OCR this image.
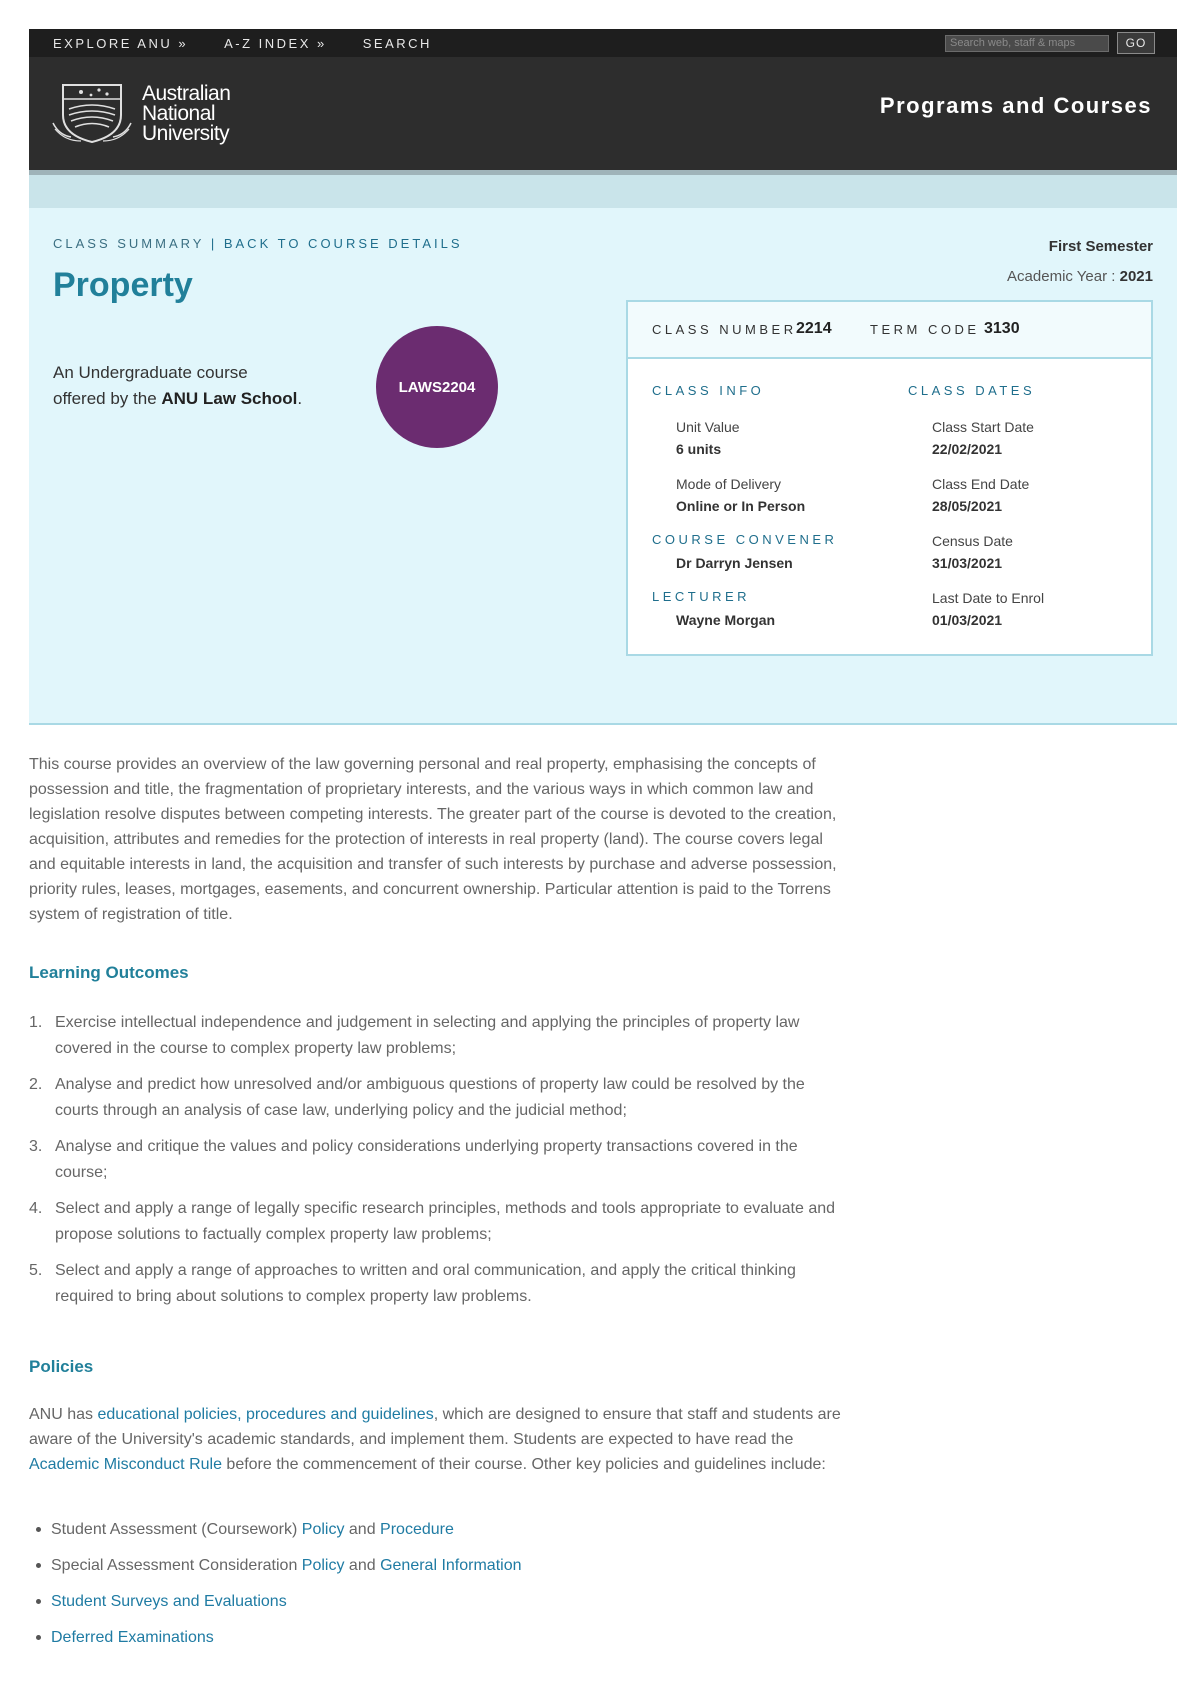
EXPLORE ANU »	A-Z INDEX »	SEARCH	Search web, staff & maps	GO
Australian
National
University
Programs and Courses
CLASS SUMMARY | BACK TO COURSE DETAILS
Property
An Undergraduate course
offered by the ANU Law School.
LAWS2204
First Semester
Academic Year : 2021
CLASS NUMBER 2214	TERM CODE 3130
CLASS INFO	CLASS DATES
Unit Value
6 units
Mode of Delivery
Online or In Person
COURSE CONVENER
Dr Darryn Jensen
LECTURER
Wayne Morgan
Class Start Date
22/02/2021
Class End Date
28/05/2021
Census Date
31/03/2021
Last Date to Enrol
01/03/2021
This course provides an overview of the law governing personal and real property, emphasising the concepts of possession and title, the fragmentation of proprietary interests, and the various ways in which common law and legislation resolve disputes between competing interests. The greater part of the course is devoted to the creation, acquisition, attributes and remedies for the protection of interests in real property (land). The course covers legal and equitable interests in land, the acquisition and transfer of such interests by purchase and adverse possession, priority rules, leases, mortgages, easements, and concurrent ownership. Particular attention is paid to the Torrens system of registration of title.
Learning Outcomes
1. Exercise intellectual independence and judgement in selecting and applying the principles of property law covered in the course to complex property law problems;
2. Analyse and predict how unresolved and/or ambiguous questions of property law could be resolved by the courts through an analysis of case law, underlying policy and the judicial method;
3. Analyse and critique the values and policy considerations underlying property transactions covered in the course;
4. Select and apply a range of legally specific research principles, methods and tools appropriate to evaluate and propose solutions to factually complex property law problems;
5. Select and apply a range of approaches to written and oral communication, and apply the critical thinking required to bring about solutions to complex property law problems.
Policies
ANU has educational policies, procedures and guidelines, which are designed to ensure that staff and students are aware of the University's academic standards, and implement them. Students are expected to have read the Academic Misconduct Rule before the commencement of their course. Other key policies and guidelines include:
Student Assessment (Coursework) Policy and Procedure
Special Assessment Consideration Policy and General Information
Student Surveys and Evaluations
Deferred Examinations
